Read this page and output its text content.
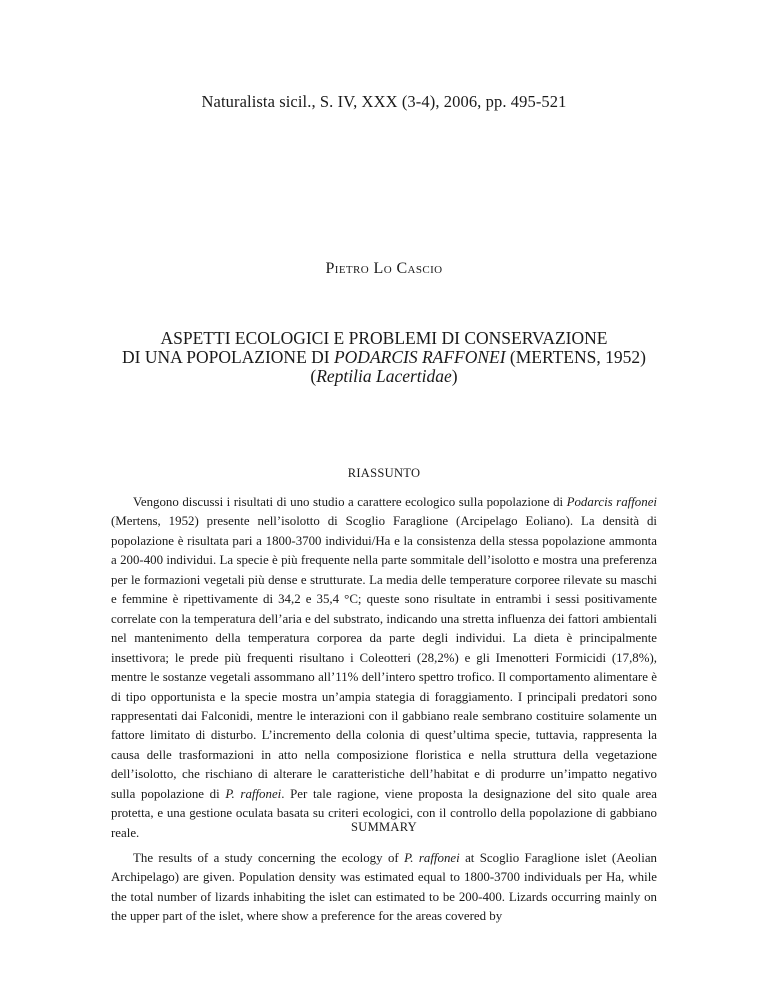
Naturalista sicil., S. IV, XXX (3-4), 2006, pp. 495-521
Pietro Lo Cascio
ASPETTI ECOLOGICI E PROBLEMI DI CONSERVAZIONE
DI UNA POPOLAZIONE DI PODARCIS RAFFONEI (MERTENS, 1952)
(Reptilia Lacertidae)
RIASSUNTO

Vengono discussi i risultati di uno studio a carattere ecologico sulla popolazione di Podarcis raffonei (Mertens, 1952) presente nell’isolotto di Scoglio Faraglione (Arcipelago Eoliano). La densità di popolazione è risultata pari a 1800-3700 individui/Ha e la consistenza della stessa popolazione ammonta a 200-400 individui. La specie è più frequente nella parte sommitale dell’isolotto e mostra una preferenza per le formazioni vegetali più dense e strutturate. La media delle temperature corporee rilevate su maschi e femmine è ripettivamente di 34,2 e 35,4 °C; queste sono risultate in entrambi i sessi positivamente correlate con la temperatura dell’aria e del substrato, indicando una stretta influenza dei fattori ambientali nel mantenimento della temperatura corporea da parte degli individui. La dieta è principalmente insettivora; le prede più frequenti risultano i Coleotteri (28,2%) e gli Imenotteri Formicidi (17,8%), mentre le sostanze vegetali assommano all’11% dell’intero spettro trofico. Il comportamento alimentare è di tipo opportunista e la specie mostra un’ampia stategia di foraggiamento. I principali predatori sono rappresentati dai Falconidi, mentre le interazioni con il gabbiano reale sembrano costituire solamente un fattore limitato di disturbo. L’incremento della colonia di quest’ultima specie, tuttavia, rappresenta la causa delle trasformazioni in atto nella composizione floristica e nella struttura della vegetazione dell’isolotto, che rischiano di alterare le caratteristiche dell’habitat e di produrre un’impatto negativo sulla popolazione di P. raffonei. Per tale ragione, viene proposta la designazione del sito quale area protetta, e una gestione oculata basata su criteri ecologici, con il controllo della popolazione di gabbiano reale.	SUMMARY

The results of a study concerning the ecology of P. raffonei at Scoglio Faraglione islet (Aeolian Archipelago) are given. Population density was estimated equal to 1800-3700 individuals per Ha, while the total number of lizards inhabiting the islet can estimated to be 200-400. Lizards occurring mainly on the upper part of the islet, where show a preference for the areas covered by
